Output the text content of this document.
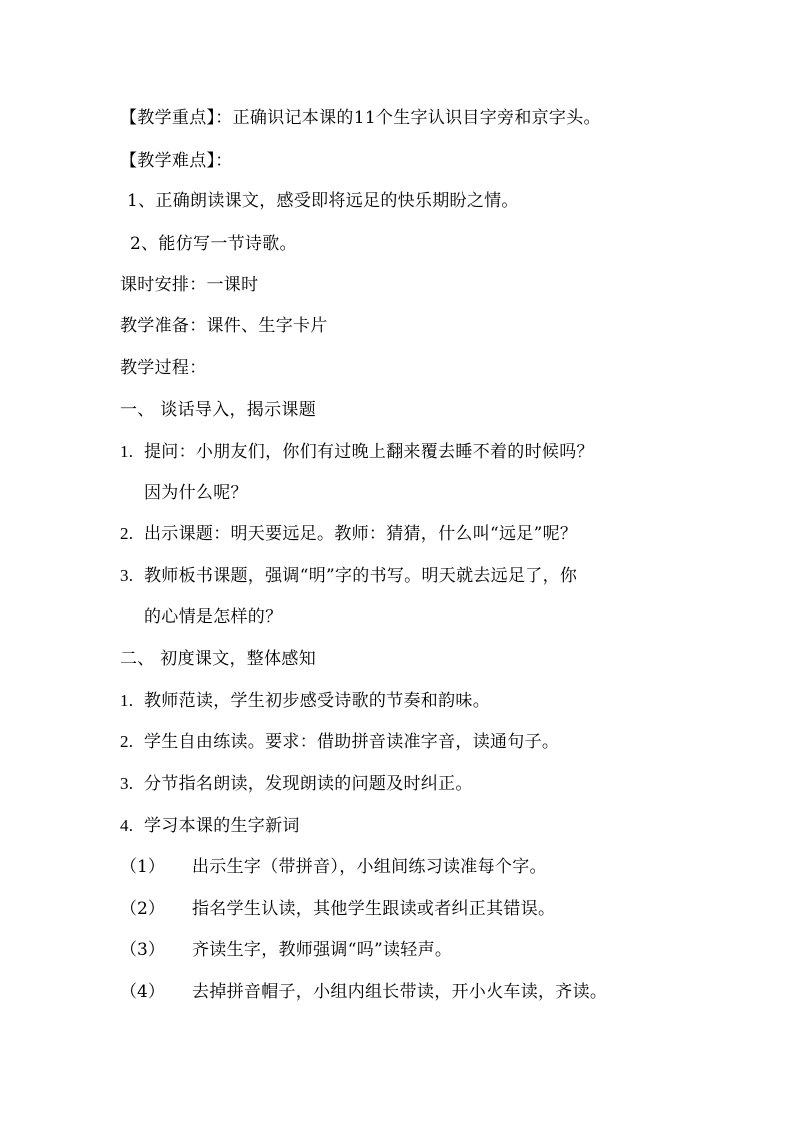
【教学重点】：正确识记本课的11个生字认识目字旁和京字头。
【教学难点】：
1、正确朗读课文，感受即将远足的快乐期盼之情。
2、能仿写一节诗歌。
课时安排：一课时
教学准备：课件、生字卡片
教学过程：
一、 谈话导入，揭示课题
1. 提问：小朋友们，你们有过晚上翻来覆去睡不着的时候吗？
因为什么呢？
2. 出示课题：明天要远足。教师：猜猜，什么叫“远足”呢？
3. 教师板书课题，强调“明”字的书写。明天就去远足了，你
的心情是怎样的？
二、 初度课文，整体感知
1. 教师范读，学生初步感受诗歌的节奏和韵味。
2. 学生自由练读。要求：借助拼音读准字音，读通句子。
3. 分节指名朗读，发现朗读的问题及时纠正。
4. 学习本课的生字新词
（1） 出示生字（带拼音），小组间练习读准每个字。
（2） 指名学生认读，其他学生跟读或者纠正其错误。
（3） 齐读生字，教师强调“吗”读轻声。
（4） 去掉拼音帽子，小组内组长带读，开小火车读，齐读。
